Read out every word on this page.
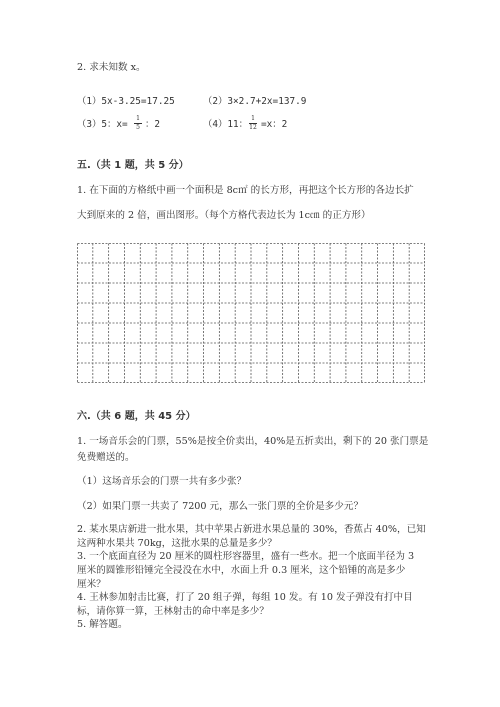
2. 求未知数 x。
（1）5x-3.25=17.25	（2）3×2.7+2x=137.9
（3）5：x=
1
5 ：2	（4）11：
1
12 =x：2
五.（共 1 题，共 5 分）
1. 在下面的方格纸中画一个面积是 8c㎡ 的长方形，再把这个长方形的各边长扩
大到原来的 2 倍，画出图形。（每个方格代表边长为 1c㎝ 的正方形）
六.（共 6 题，共 45 分）
1. 一场音乐会的门票，55%是按全价卖出，40%是五折卖出，剩下的 20 张门票是
免费赠送的。
（1）这场音乐会的门票一共有多少张？
（2）如果门票一共卖了 7200 元，那么一张门票的全价是多少元？
2. 某水果店新进一批水果，其中苹果占新进水果总量的 30%，香蕉占 40%，已知
这两种水果共 70kg，这批水果的总量是多少？
3. 一个底面直径为 20 厘米的圆柱形容器里，盛有一些水。把一个底面半径为 3
厘米的圆锥形铅锤完全浸没在水中，水面上升 0.3 厘米，这个铅锤的高是多少
厘米？
4. 王林参加射击比赛，打了 20 组子弹，每组 10 发。有 10 发子弹没有打中目
标，请你算一算，王林射击的命中率是多少？
5. 解答题。
